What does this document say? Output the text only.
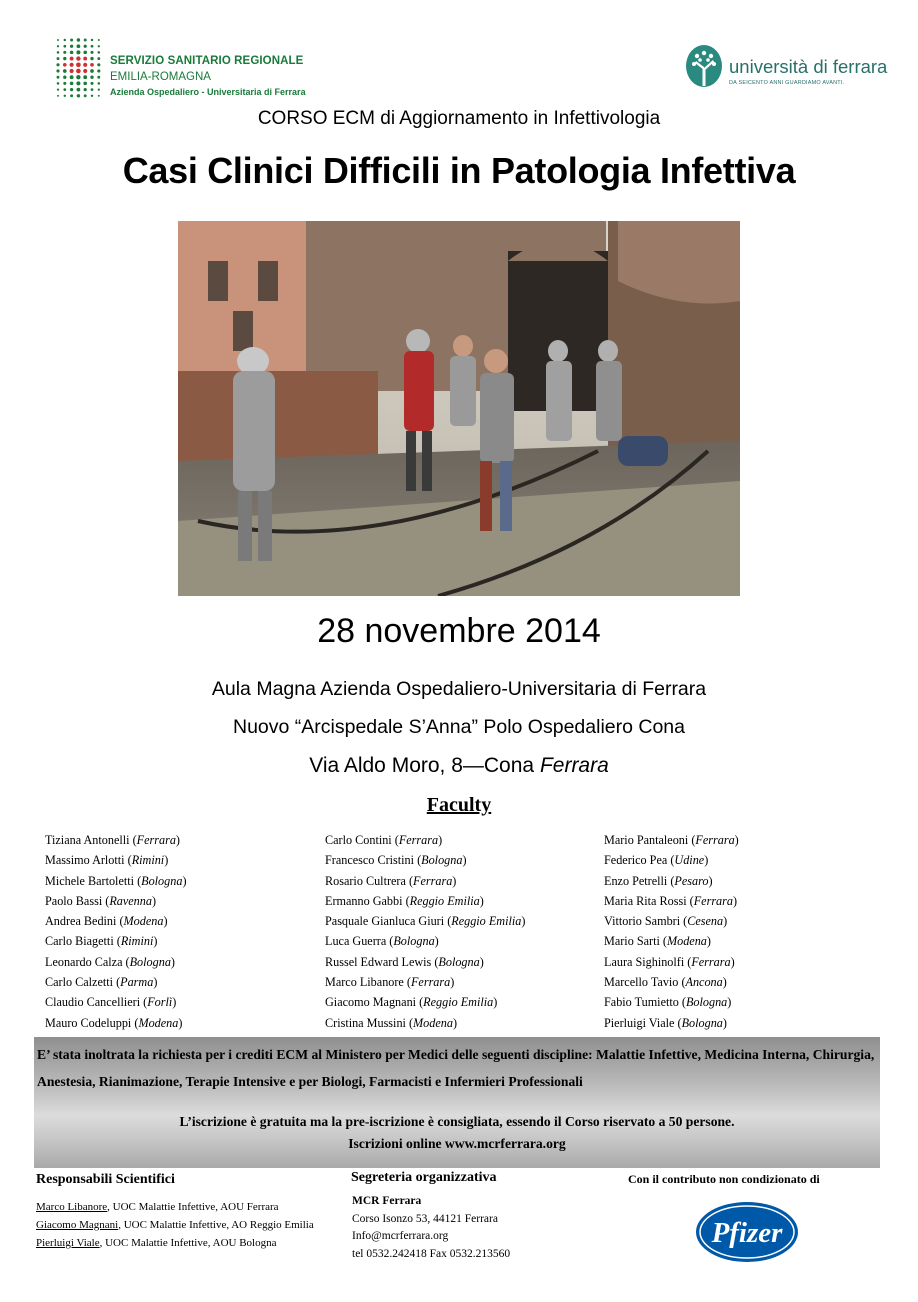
SERVIZIO SANITARIO REGIONALE
EMILIA-ROMAGNA
Azienda Ospedaliero - Universitaria di Ferrara
università di ferrara
DA SEICENTO ANNI GUARDIAMO AVANTI.
CORSO ECM di Aggiornamento in Infettivologia
Casi Clinici Difficili in Patologia Infettiva
28 novembre 2014
Aula Magna Azienda Ospedaliero-Universitaria di Ferrara
Nuovo “Arcispedale S’Anna” Polo Ospedaliero Cona
Via Aldo Moro, 8—Cona Ferrara
Faculty
Tiziana Antonelli (Ferrara)
Massimo Arlotti (Rimini)
Michele Bartoletti (Bologna)
Paolo Bassi (Ravenna)
Andrea Bedini (Modena)
Carlo Biagetti (Rimini)
Leonardo Calza (Bologna)
Carlo Calzetti (Parma)
Claudio Cancellieri (Forlì)
Mauro Codeluppi (Modena)
Carlo Contini (Ferrara)
Francesco Cristini (Bologna)
Rosario Cultrera (Ferrara)
Ermanno Gabbi (Reggio Emilia)
Pasquale Gianluca Giuri (Reggio Emilia)
Luca Guerra (Bologna)
Russel Edward Lewis (Bologna)
Marco Libanore (Ferrara)
Giacomo Magnani (Reggio Emilia)
Cristina Mussini (Modena)
Mario Pantaleoni (Ferrara)
Federico Pea (Udine)
Enzo Petrelli (Pesaro)
Maria Rita Rossi (Ferrara)
Vittorio Sambri (Cesena)
Mario Sarti (Modena)
Laura Sighinolfi (Ferrara)
Marcello Tavio (Ancona)
Fabio Tumietto (Bologna)
Pierluigi Viale (Bologna)
E’ stata inoltrata la richiesta per i crediti ECM al Ministero per Medici delle seguenti discipline: Malattie Infettive, Medicina Interna, Chirurgia, Anestesia, Rianimazione, Terapie Intensive e per Biologi, Farmacisti e Infermieri Professionali
L’iscrizione è gratuita ma la pre-iscrizione è consigliata, essendo il Corso riservato a 50 persone.
Iscrizioni online www.mcrferrara.org
Responsabili Scientifici
Marco Libanore, UOC Malattie Infettive, AOU Ferrara
Giacomo Magnani, UOC Malattie Infettive, AO Reggio Emilia
Pierluigi Viale, UOC Malattie Infettive, AOU Bologna
Segreteria organizzativa
MCR Ferrara
Corso Isonzo 53, 44121 Ferrara
Info@mcrferrara.org
tel 0532.242418 Fax 0532.213560
Con il contributo non condizionato di
Pfizer
